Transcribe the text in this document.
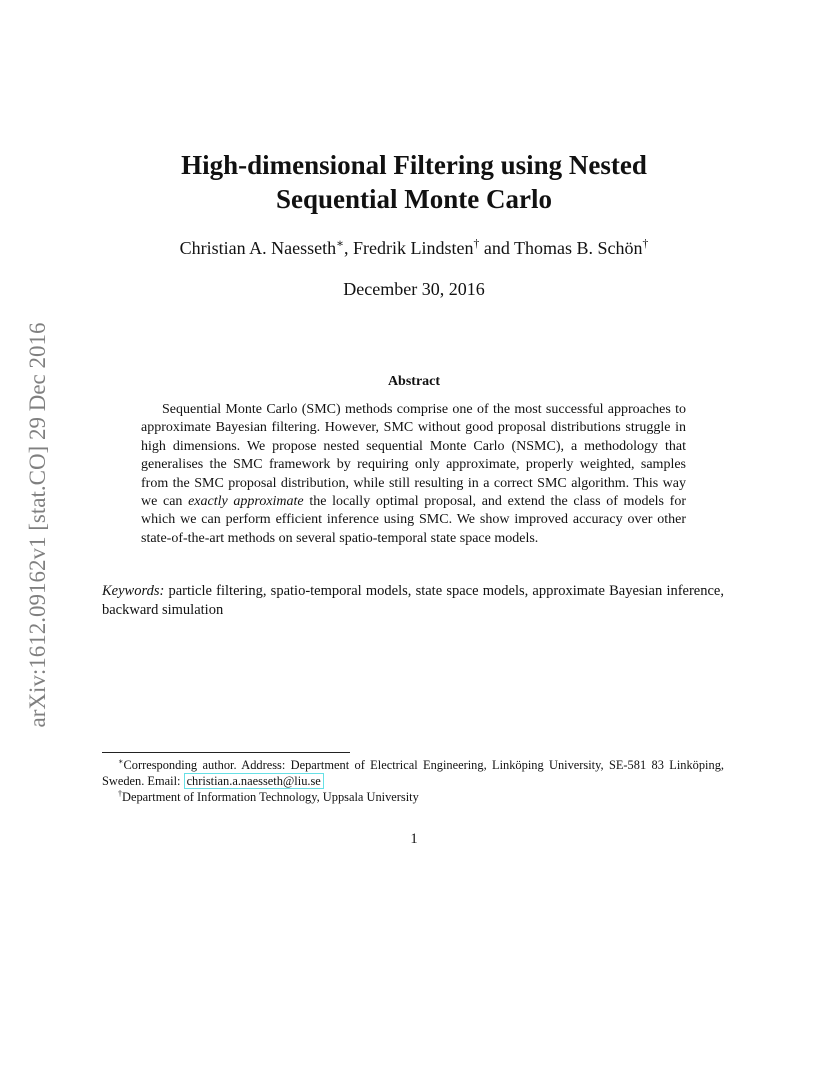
arXiv:1612.09162v1 [stat.CO] 29 Dec 2016
High-dimensional Filtering using Nested
Sequential Monte Carlo
Christian A. Naesseth∗, Fredrik Lindsten† and Thomas B. Schön†
December 30, 2016
Abstract
Sequential Monte Carlo (SMC) methods comprise one of the most successful approaches to approximate Bayesian filtering. However, SMC without good proposal distributions struggle in high dimensions. We propose nested sequential Monte Carlo (NSMC), a methodology that generalises the SMC framework by requiring only approximate, properly weighted, samples from the SMC proposal distribution, while still resulting in a correct SMC algorithm. This way we can exactly approximate the locally optimal proposal, and extend the class of models for which we can perform efficient inference using SMC. We show improved accuracy over other state-of-the-art methods on several spatio-temporal state space models.
Keywords: particle filtering, spatio-temporal models, state space models, approximate Bayesian inference, backward simulation
∗Corresponding author. Address: Department of Electrical Engineering, Linköping University, SE-581 83 Linköping, Sweden. Email: christian.a.naesseth@liu.se
†Department of Information Technology, Uppsala University
1
